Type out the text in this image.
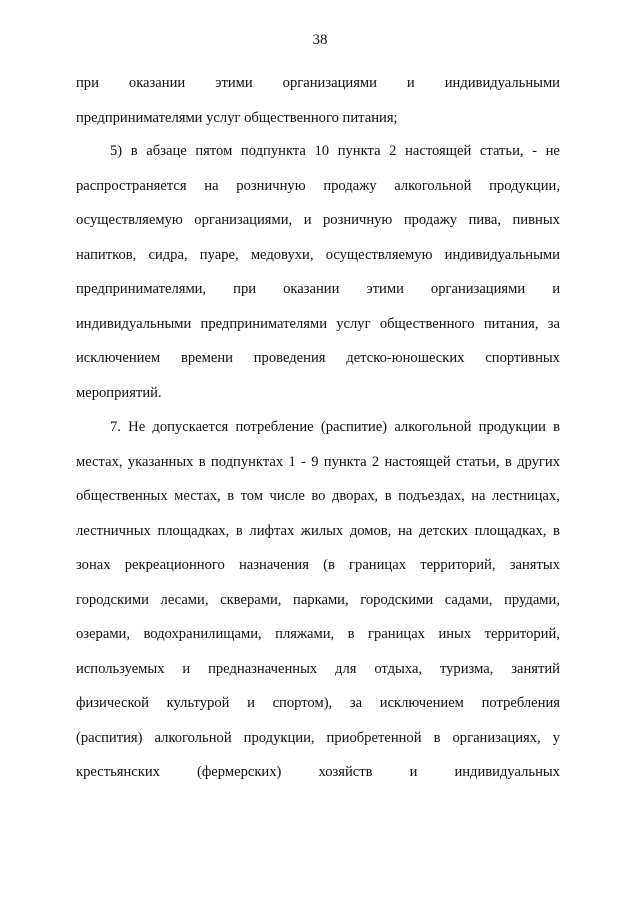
38
при оказании этими организациями и индивидуальными
предпринимателями услуг общественного питания;
5) в абзаце пятом подпункта 10 пункта 2 настоящей статьи, - не
распространяется на розничную продажу алкогольной продукции,
осуществляемую организациями, и розничную продажу пива, пивных
напитков, сидра, пуаре, медовухи, осуществляемую индивидуальными
предпринимателями, при оказании этими организациями и
индивидуальными предпринимателями услуг общественного питания, за
исключением времени проведения детско-юношеских спортивных
мероприятий.
7. Не допускается потребление (распитие) алкогольной продукции в
местах, указанных в подпунктах 1 - 9 пункта 2 настоящей статьи, в других
общественных местах, в том числе во дворах, в подъездах, на лестницах,
лестничных площадках, в лифтах жилых домов, на детских площадках, в
зонах рекреационного назначения (в границах территорий, занятых
городскими лесами, скверами, парками, городскими садами, прудами,
озерами, водохранилищами, пляжами, в границах иных территорий,
используемых и предназначенных для отдыха, туризма, занятий
физической культурой и спортом), за исключением потребления
(распития) алкогольной продукции, приобретенной в организациях, у
крестьянских	(фермерских)	хозяйств	и	индивидуальных
